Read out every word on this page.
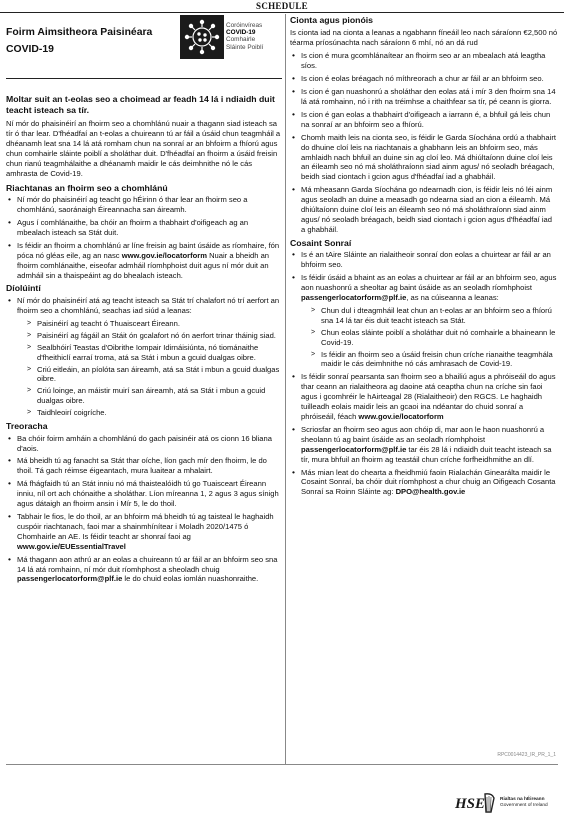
SCHEDULE
Foirm Aimsitheora Paisinéara
COVID-19
Coróinvíreas
COVID-19
Comhairle
Sláinte Poiblí
Moltar suit an t-eolas seo a choimead ar feadh 14 lá i ndiaidh duit teacht isteach sa tír.

Ní mór do phaisinéirí an fhoirm seo a chomhlánú nuair a thagann siad isteach sa tír ó thar lear. D'fhéadfaí an t-eolas a chuireann tú ar fáil a úsáid chun teagmháil a dhéanamh leat sna 14 lá atá romham chun na sonraí ar an bhfoirm a fhíorú agus chun comhairle sláinte poiblí a sholáthar duit. D'fhéadfaí an fhoirm a úsáid freisin chun rianú teagmhálaithe a dhéanamh maidir le cás deimhnithe nó le cás amhrasta de Covid-19.

Riachtanas an fhoirm seo a chomhlánú
• Ní mór do phaisinéirí ag teacht go hÉirinn ó thar lear an fhoirm seo a chomhlánú, saoránaigh Éireannacha san áireamh.
• Agus í comhlánaithe, ba chóir an fhoirm a thabhairt d'oifigeach ag an mbealach isteach sa Stát duit.
• Is féidir an fhoirm a chomhlánú ar líne freisin ag baint úsáide as ríomhaire, fón póca nó gléas eile, ag an nasc www.gov.ie/locatorform Nuair a bheidh an fhoirm comhlánaithe, eiseofar admháil ríomhphoist duit agus ní mór duit an admháil sin a thaispeáint ag do bhealach isteach.
Díolúintí
• Ní mór do phaisinéirí atá ag teacht isteach sa Stát trí chalafort nó trí aerfort an fhoirm seo a chomhlánú, seachas iad siúd a leanas:
> Paisinéirí ag teacht ó Thuaisceart Éireann.
> Paisinéirí ag fágáil an Stáit ón gcalafort nó ón aerfort trinar tháinig siad.
> Sealbhóirí Teastas d'Oibrithe Iompair Idirnáisiúnta, nó tiománaithe d'fheithiclí earraí troma, atá sa Stát i mbun a gcuid dualgas oibre.
> Criú eitleáin, an píolóta san áireamh, atá sa Stát i mbun a gcuid dualgas oibre.
> Criú loinge, an máistir muirí san áireamh, atá sa Stát i mbun a gcuid dualgas oibre.
> Taidhleoirí coigríche.
Treoracha
• Ba chóir foirm amháin a chomhlánú do gach paisinéir atá os cionn 16 bliana d'aois.
• Má bheidh tú ag fanacht sa Stát thar oíche, líon gach mír den fhoirm, le do thoil. Tá gach réimse éigeantach, mura luaitear a mhalairt.
• Má fhágfaidh tú an Stát inniu nó má thaistealóidh tú go Tuaisceart Éireann inniu, níl ort ach chónaithe a sholáthar. Líon míreanna 1, 2 agus 3 agus sínigh agus dátaigh an fhoirm ansin i Mír 5, le do thoil.
• Tabhair le fios, le do thoil, ar an bhfoirm má bheidh tú ag taisteal le haghaidh cuspóir riachtanach, faoi mar a shainmhínítear i Moladh 2020/1475 ó Chomhairle an AE. Is féidir teacht ar shonraí faoi ag www.gov.ie/EUEssentialTravel
• Má thagann aon athrú ar an eolas a chuireann tú ar fáil ar an bhfoirm seo sna 14 lá atá romhainn, ní mór duit ríomhphost a sheoladh chuig passengerlocatorform@plf.ie le do chuid eolas iomlán nuashonraithe.
Cionta agus pionóis

Is cionta iad na cionta a leanas a ngabhann fíneáil leo nach sáraíonn €2,500 nó téarma príosúnachta nach sáraíonn 6 mhí, nó an dá rud

• Is cion é mura gcomhlánaítear an fhoirm seo ar an mbealach atá leagtha síos.
• Is cion é eolas bréagach nó míthreorach a chur ar fáil ar an bhfoirm seo.
• Is cion é gan nuashonrú a sholáthar den eolas atá i mír 3 den fhoirm sna 14 lá atá romhainn, nó i rith na tréimhse a chaithfear sa tír, pé ceann is giorra.
• Is cion é gan eolas a thabhairt d'oifigeach a iarrann é, a bhfuil gá leis chun na sonraí ar an bhfoirm seo a fhíorú.
• Chomh maith leis na cionta seo, is féidir le Garda Síochána ordú a thabhairt do dhuine cloí leis na riachtanais a ghabhann leis an bhfoirm seo, más amhlaidh nach bhfuil an duine sin ag cloí leo. Má dhiúltaíonn duine cloí leis an éileamh seo nó má sholáthraíonn siad ainm agus/ nó seoladh bréagach, beidh siad ciontach i gcion agus d'fhéadfaí iad a ghabháil.
• Má mheasann Garda Síochána go ndearnadh cion, is féidir leis nó léi ainm agus seoladh an duine a measadh go ndearna siad an cion a éileamh. Má dhiúltaíonn duine cloí leis an éileamh seo nó má sholáthraíonn siad ainm agus/ nó seoladh bréagach, beidh siad ciontach i gcion agus d'fhéadfaí iad a ghabháil.
Cosaint Sonraí
• Is é an tAire Sláinte an rialaitheoir sonraí don eolas a chuirtear ar fáil ar an bhfoirm seo.
• Is féidir úsáid a bhaint as an eolas a chuirtear ar fáil ar an bhfoirm seo, agus aon nuashonrú a sheoltar ag baint úsáide as an seoladh ríomhphoist passengerlocatorform@plf.ie, as na cúiseanna a leanas:
> Chun dul i dteagmháil leat chun an t-eolas ar an bhfoirm seo a fhíorú sna 14 lá tar éis duit teacht isteach sa Stát.
> Chun eolas sláinte poiblí a sholáthar duit nó comhairle a bhaineann le Covid-19.
> Is féidir an fhoirm seo a úsáid freisin chun críche rianaithe teagmhála maidir le cás deimhnithe nó cás amhrasach de Covid-19.
• Is féidir sonraí pearsanta san fhoirm seo a bhailiú agus a phróiseáil do agus thar ceann an rialaitheora ag daoine atá ceaptha chun na críche sin faoi agus i gcomhréir le hAirteagal 28 (Rialaitheoir) den RGCS. Le haghaidh tuilleadh eolais maidir leis an gcaoi ina ndéantar do chuid sonraí a phróiseáil, féach www.gov.ie/locatorform
• Scriosfar an fhoirm seo agus aon chóip di, mar aon le haon nuashonrú a sheolann tú ag baint úsáide as an seoladh ríomhphoist passengerlocatorform@plf.ie tar éis 28 lá i ndiaidh duit teacht isteach sa tír, mura bhfuil an fhoirm ag teastáil chun críche forfheidhmithe an dlí.
• Más mian leat do chearta a fheidhmiú faoin Rialachán Ginearálta maidir le Cosaint Sonraí, ba chóir duit ríomhphost a chur chuig an Oifigeach Cosanta Sonraí sa Roinn Sláinte ag: DPO@health.gov.ie
RPC0014423_IR_PR_1_1
HSE	Rialtas na hÉireann
Government of Ireland
